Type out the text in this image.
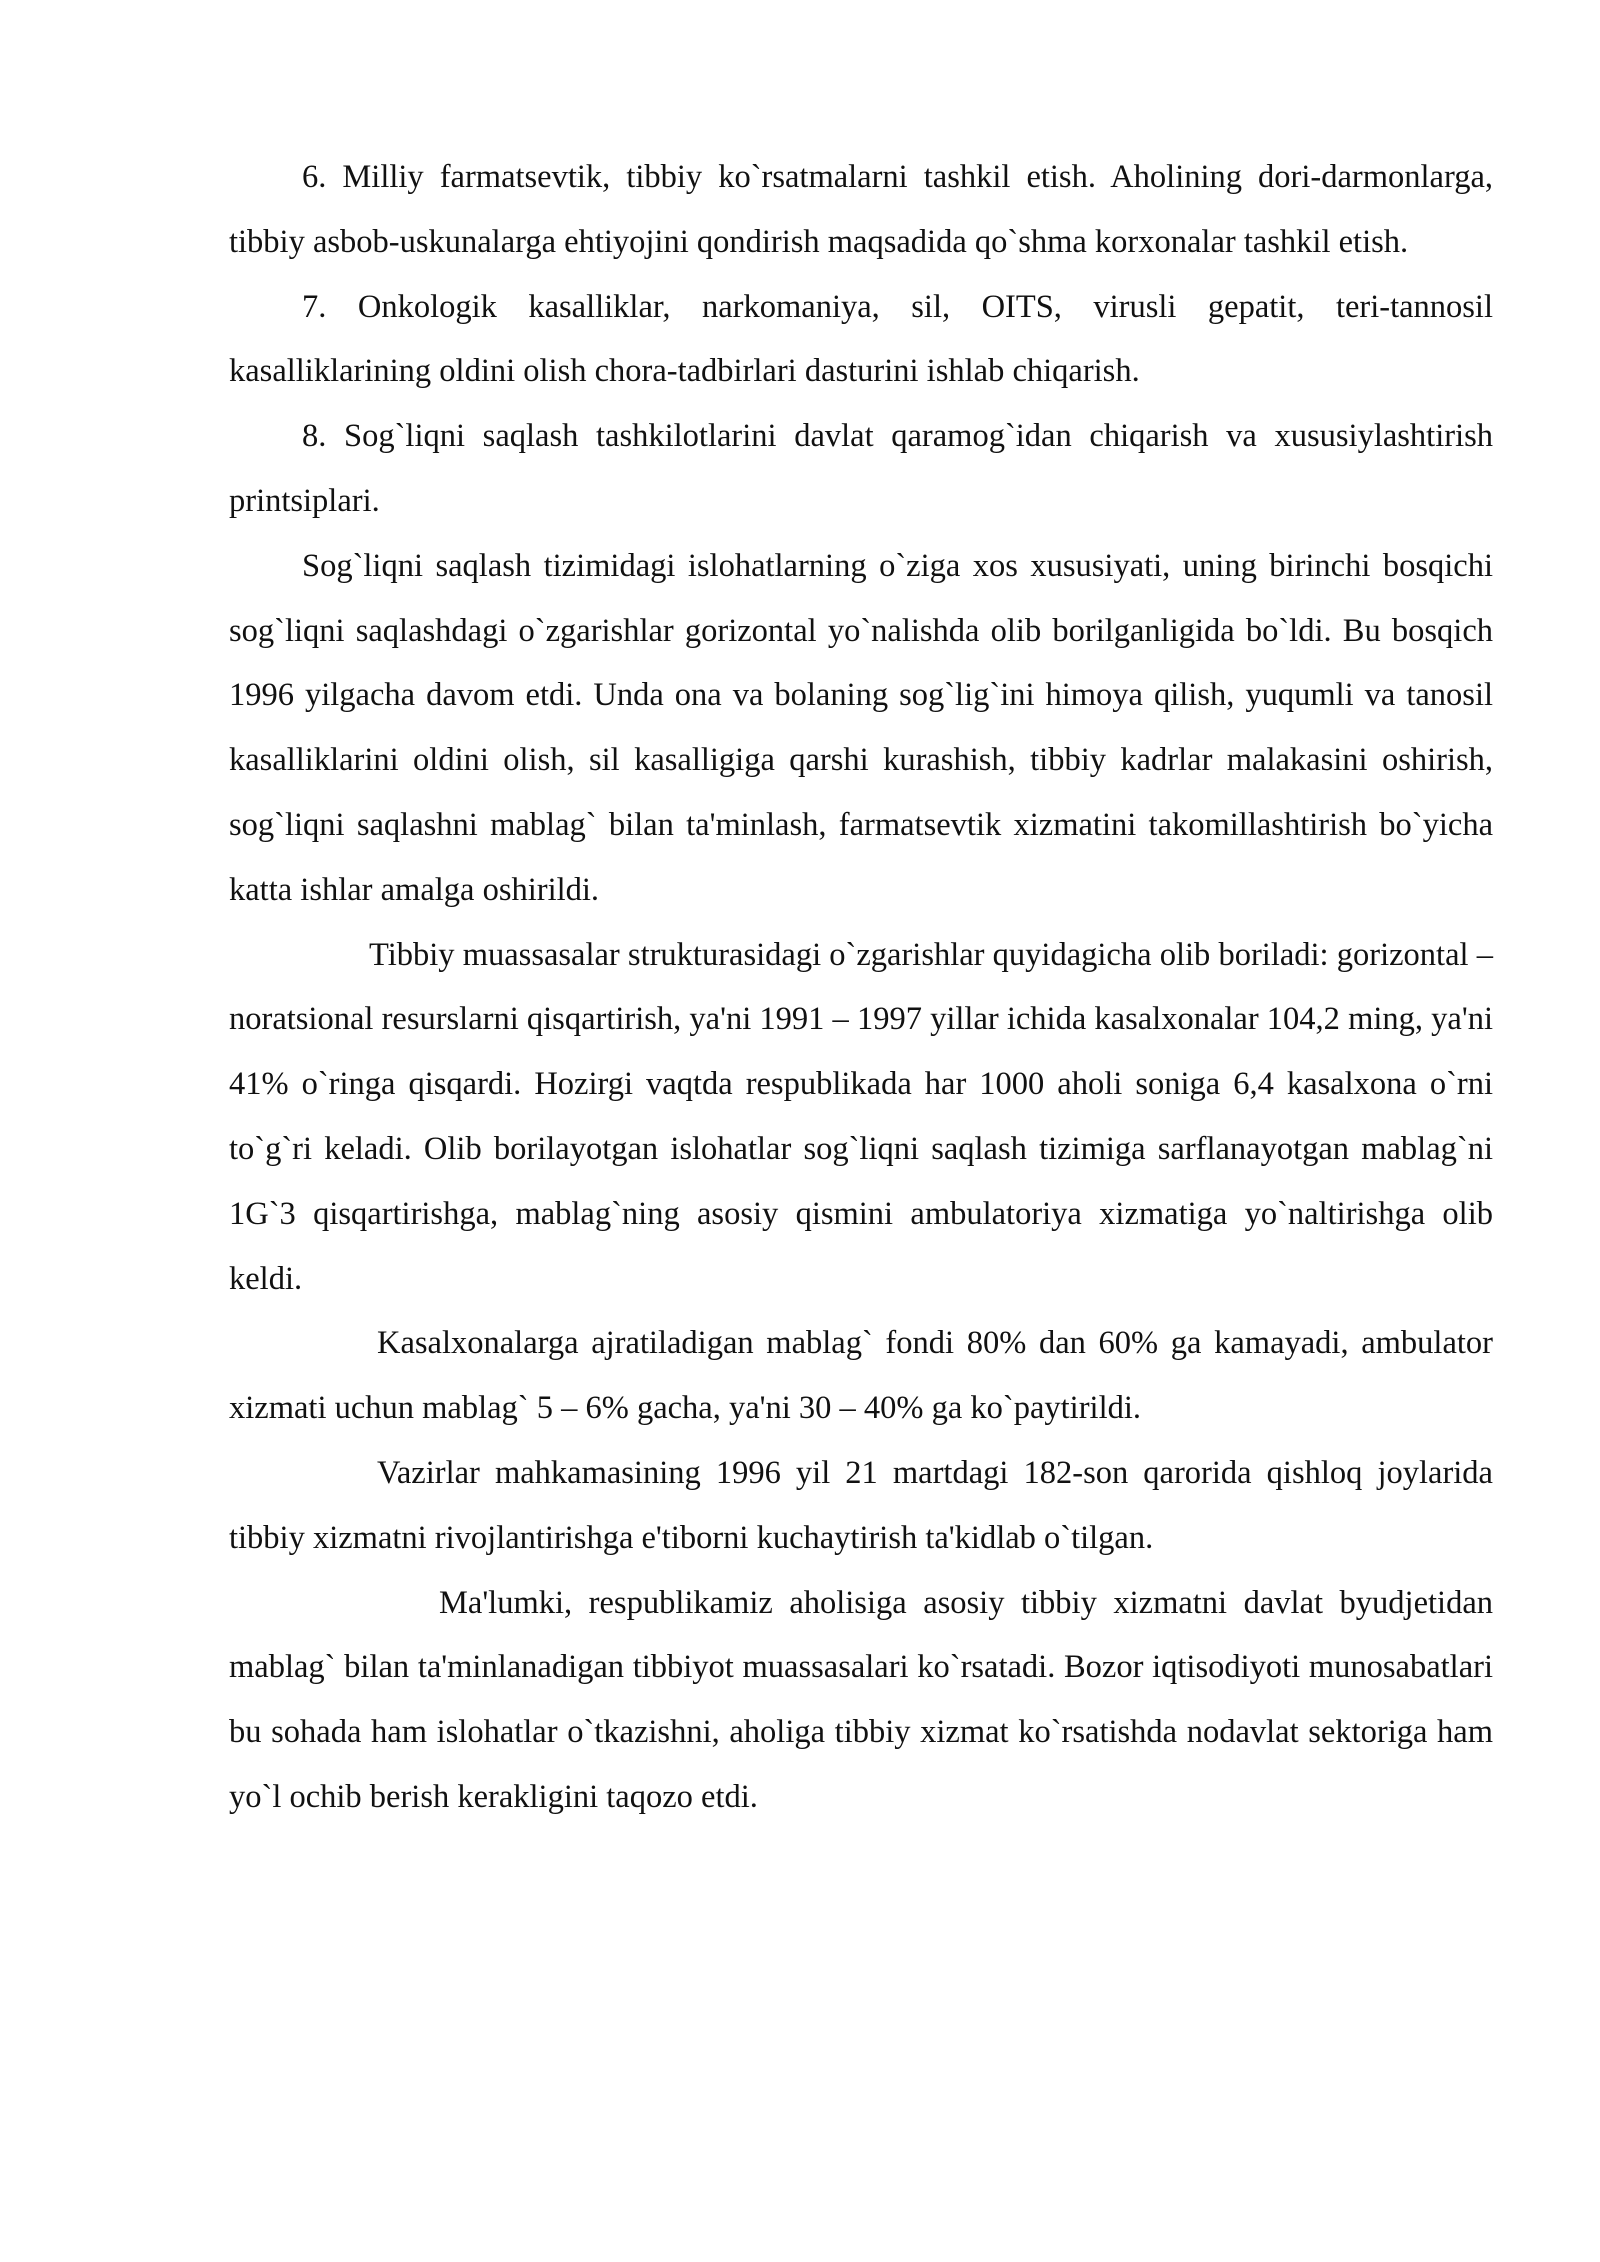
6. Milliy farmatsevtik, tibbiy ko`rsatmalarni tashkil etish. Aholining dori-darmonlarga, tibbiy asbob-uskunalarga ehtiyojini qondirish maqsadida qo`shma korxonalar tashkil etish.

7. Onkologik kasalliklar, narkomaniya, sil, OITS, virusli gepatit, teri-tannosil kasalliklarining oldini olish chora-tadbirlari dasturini ishlab chiqarish.

8. Sog`liqni saqlash tashkilotlarini davlat qaramog`idan chiqarish va xususiylashtirish printsiplari.

Sog`liqni saqlash tizimidagi islohatlarning o`ziga xos xususiyati, uning birinchi bosqichi sog`liqni saqlashdagi o`zgarishlar gorizontal yo`nalishda olib borilganligida bo`ldi. Bu bosqich 1996 yilgacha davom etdi. Unda ona va bolaning sog`lig`ini himoya qilish, yuqumli va tanosil kasalliklarini oldini olish, sil kasalligiga qarshi kurashish, tibbiy kadrlar malakasini oshirish, sog`liqni saqlashni mablag` bilan ta'minlash, farmatsevtik xizmatini takomillashtirish bo`yicha katta ishlar amalga oshirildi.

Tibbiy muassasalar strukturasidagi o`zgarishlar quyidagicha olib boriladi: gorizontal – noratsional resurslarni qisqartirish, ya'ni 1991 – 1997 yillar ichida kasalxonalar 104,2 ming, ya'ni 41% o`ringa qisqardi. Hozirgi vaqtda respublikada har 1000 aholi soniga 6,4 kasalxona o`rni to`g`ri keladi. Olib borilayotgan islohatlar sog`liqni saqlash tizimiga sarflanayotgan mablag`ni 1G`3 qisqartirishga, mablag`ning asosiy qismini ambulatoriya xizmatiga yo`naltirishga olib keldi.

Kasalxonalarga ajratiladigan mablag` fondi 80% dan 60% ga kamayadi, ambulator xizmati uchun mablag` 5 – 6% gacha, ya'ni 30 – 40% ga ko`paytirildi.

Vazirlar mahkamasining 1996 yil 21 martdagi 182-son qarorida qishloq joylarida tibbiy xizmatni rivojlantirishga e'tiborni kuchaytirish ta'kidlab o`tilgan.

Ma'lumki, respublikamiz aholisiga asosiy tibbiy xizmatni davlat byudjetidan mablag` bilan ta'minlanadigan tibbiyot muassasalari ko`rsatadi. Bozor iqtisodiyoti munosabatlari bu sohada ham islohatlar o`tkazishni, aholiga tibbiy xizmat ko`rsatishda nodavlat sektoriga ham yo`l ochib berish kerakligini taqozo etdi.
